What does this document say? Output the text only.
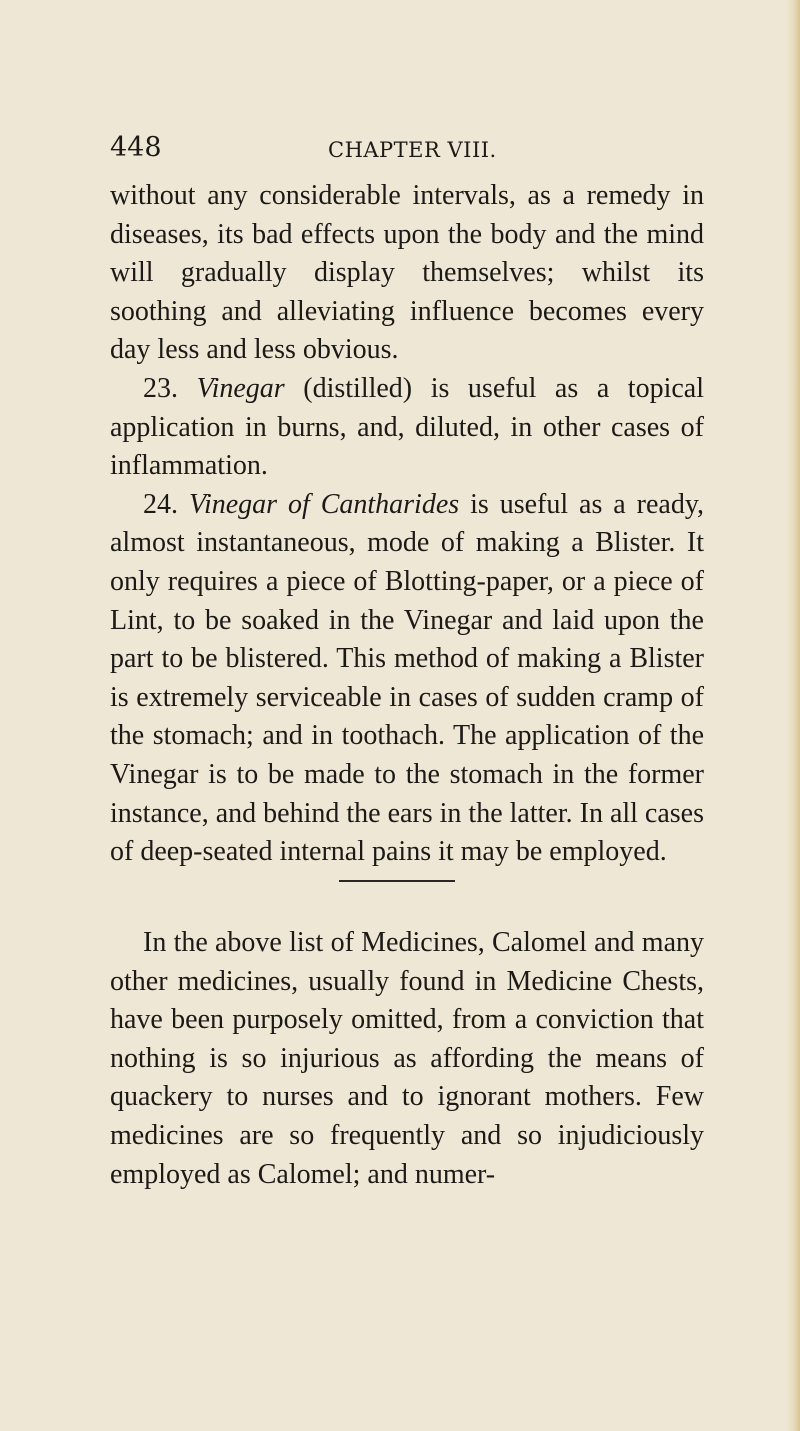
448	CHAPTER VIII.

without any considerable intervals, as a remedy in diseases, its bad effects upon the body and the mind will gradually display themselves; whilst its soothing and alleviating influence becomes every day less and less obvious.

23. Vinegar (distilled) is useful as a topical application in burns, and, diluted, in other cases of inflammation.

24. Vinegar of Cantharides is useful as a ready, almost instantaneous, mode of making a Blister. It only requires a piece of Blotting-paper, or a piece of Lint, to be soaked in the Vinegar and laid upon the part to be blistered. This method of making a Blister is extremely serviceable in cases of sudden cramp of the stomach; and in toothach. The application of the Vinegar is to be made to the stomach in the former instance, and behind the ears in the latter. In all cases of deep-seated internal pains it may be employed.

In the above list of Medicines, Calomel and many other medicines, usually found in Medicine Chests, have been purposely omitted, from a conviction that nothing is so injurious as affording the means of quackery to nurses and to ignorant mothers. Few medicines are so frequently and so injudiciously employed as Calomel; and numer-
